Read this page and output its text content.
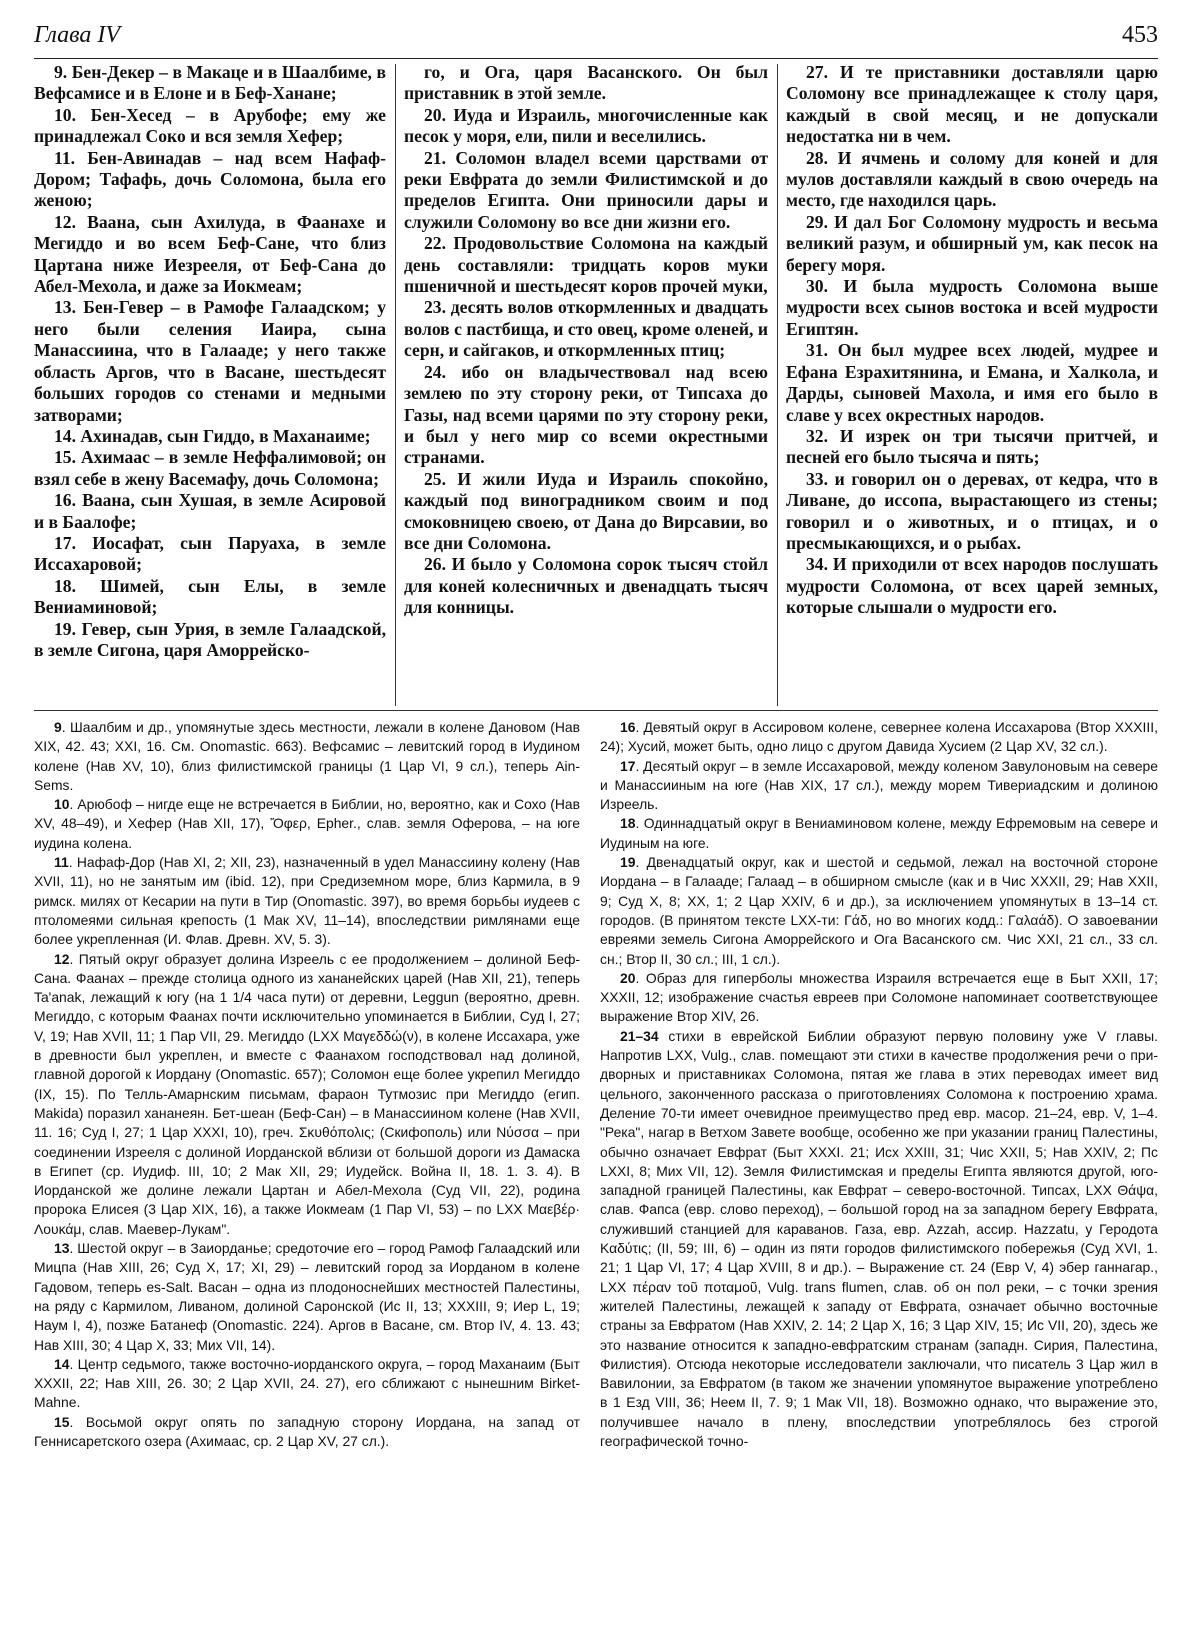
Глава IV	453

9. Бен-Декер – в Макаце и в Шаалбиме, в Вефсамисе и в Елоне и в Беф-Ханане;

10. Бен-Хесед – в Арубофе; ему же принадлежал Соко и вся земля Хефер;

11. Бен-Авинадав – над всем Нафаф-Дором; Тафафь, дочь Соломона, была его женою;

12. Ваана, сын Ахилуда, в Фаанахе и Мегиддо и во всем Беф-Сане, что близ Цартана ниже Иезрееля, от Беф-Сана до Абел-Мехола, и даже за Иокмеам;

13. Бен-Гевер – в Рамофе Галаадском; у него были селения Иаира, сына Манассиина, что в Галааде; у него также область Аргов, что в Васане, шестьдесят больших городов со стенами и медными затворами;

14. Ахинадав, сын Гиддо, в Маханаиме;

15. Ахимаас – в земле Неффалимовой; он взял себе в жену Васемафу, дочь Соломона;

16. Ваана, сын Хушая, в земле Асировой и в Баалофе;

17. Иосафат, сын Паруаха, в земле Иссахаровой;

18. Шимей, сын Елы, в земле Вениаминовой;

19. Гевер, сын Урия, в земле Галаадской, в земле Сигона, царя Аморрейско-

го, и Ога, царя Васанского. Он был приставник в этой земле.

20. Иуда и Израиль, многочисленные как песок у моря, ели, пили и веселились.

21. Соломон владел всеми царствами от реки Евфрата до земли Филистимской и до пределов Египта. Они приносили дары и служили Соломону во все дни жизни его.

22. Продовольствие Соломона на каждый день составляли: тридцать коров муки пшеничной и шестьдесят коров прочей муки,

23. десять волов откормленных и двадцать волов с пастбища, и сто овец, кроме оленей, и серн, и сайгаков, и откормленных птиц;

24. ибо он владычествовал над всею землею по эту сторону реки, от Типсаха до Газы, над всеми царями по эту сторону реки, и был у него мир со всеми окрестными странами.

25. И жили Иуда и Израиль спокойно, каждый под виноградником своим и под смоковницею своею, от Дана до Вирсавии, во все дни Соломона.

26. И было у Соломона сорок тысяч стойл для коней колесничных и двенадцать тысяч для конницы.

27. И те приставники доставляли царю Соломону все принадлежащее к столу царя, каждый в свой месяц, и не допускали недостатка ни в чем.

28. И ячмень и солому для коней и для мулов доставляли каждый в свою очередь на место, где находился царь.

29. И дал Бог Соломону мудрость и весьма великий разум, и обширный ум, как песок на берегу моря.

30. И была мудрость Соломона выше мудрости всех сынов востока и всей мудрости Египтян.

31. Он был мудрее всех людей, мудрее и Ефана Езрахитянина, и Емана, и Халкола, и Дарды, сыновей Махола, и имя его было в славе у всех окрестных народов.

32. И изрек он три тысячи притчей, и песней его было тысяча и пять;

33. и говорил он о деревах, от кедра, что в Ливане, до иссопа, вырастающего из стены; говорил и о животных, и о птицах, и о пресмыкающихся, и о рыбах.

34. И приходили от всех народов послушать мудрости Соломона, от всех царей земных, которые слышали о мудрости его.

9. Шаалбим и др., упомянутые здесь местности, лежали в колене Дановом (Нав XIX, 42. 43; XXI, 16. См. Onomastic. 663). Вефсамис – левитский город в Иудином колене (Нав XV, 10), близ филистимской границы (1 Цар VI, 9 сл.), теперь Ain-Sems.

10. Арюбоф – нигде еще не встречается в Библии, но, вероятно, как и Сохо (Нав XV, 48–49), и Хефер (Нав XII, 17), Ὄφερ, Epher., слав. земля Оферова, – на юге иудина колена.

11. Нафаф-Дор (Нав XI, 2; XII, 23), назначенный в удел Манассиину колену (Нав XVII, 11), но не занятым им (ibid. 12), при Средиземном море, близ Кармила, в 9 римск. милях от Кесарии на пути в Тир (Onomastic. 397), во время борьбы иудеев с птоломеями сильная крепость (1 Мак XV, 11–14), впоследствии римлянами еще более укрепленная (И. Флав. Древн. XV, 5. 3).

12. Пятый округ образует долина Изреель с ее продолжением – долиной Беф-Сана. Фаанах – прежде столица одного из хананейских царей (Нав XII, 21), теперь Ta'anak, лежащий к югу (на 1 1/4 часа пути) от деревни, Leggun (вероятно, древн. Мегиддо, с которым Фаанах почти исключительно упоминается в Библии, Суд I, 27; V, 19; Нав XVII, 11; 1 Пар VII, 29. Мегиддо (LXX Μαγεδδώ(ν), в колене Иссахара, уже в древности был укреплен, и вместе с Фаанахом господствовал над долиной, главной дорогой к Иордану (Onomastic. 657); Соломон еще более укрепил Мегиддо (IX, 15). По Телль-Амарнским письмам, фараон Тутмозис при Мегиддо (егип. Makida) поразил хананеян. Бет-шеан (Беф-Сан) – в Манассиином колене (Нав XVII, 11. 16; Суд I, 27; 1 Цар XXXI, 10), греч. Σκυθόπολις; (Скифополь) или Νύσσα – при соединении Изрееля с долиной Иорданской вблизи от большой дороги из Дамаска в Египет (ср. Иудиф. III, 10; 2 Мак XII, 29; Иудейск. Война II, 18. 1. 3. 4). В Иорданской же долине лежали Цартан и Абел-Мехола (Суд VII, 22), родина пророка Елисея (3 Цар XIX, 16), а также Иокмеам (1 Пар VI, 53) – по LXX Μαεβέρ· Λουκάμ, слав. Маевер-Лукам".

13. Шестой округ – в Заиорданье; средоточие его – город Рамоф Галаадский или Мицпа (Нав XIII, 26; Суд X, 17; XI, 29) – левитский город за Иорданом в колене Гадовом, теперь es-Salt. Васан – одна из плодоноснейших местностей Палестины, на ряду с Кармилом, Ливаном, долиной Саронской (Ис II, 13; XXXIII, 9; Иер L, 19; Наум I, 4), позже Батанеф (Onomastic. 224). Аргов в Васане, см. Втор IV, 4. 13. 43; Нав XIII, 30; 4 Цар X, 33; Мих VII, 14).

14. Центр седьмого, также восточно-иорданского округа, – город Маханаим (Быт XXXII, 22; Нав XIII, 26. 30; 2 Цар XVII, 24. 27), его сближают с нынешним Birket-Mahne.

15. Восьмой округ опять по западную сторону Иордана, на запад от Геннисаретского озера (Ахимаас, ср. 2 Цар XV, 27 сл.).

16. Девятый округ в Ассировом колене, севернее колена Иссахарова (Втор XXXIII, 24); Хусий, может быть, одно лицо с другом Давида Хусием (2 Цар XV, 32 сл.).

17. Десятый округ – в земле Иссахаровой, между коленом Завулоновым на севере и Манассииным на юге (Нав XIX, 17 сл.), между морем Тивериадским и долиною Изреель.

18. Одиннадцатый округ в Вениаминовом колене, между Ефремовым на севере и Иудиным на юге.

19. Двенадцатый округ, как и шестой и седьмой, лежал на восточной стороне Иордана – в Галааде; Галаад – в обширном смысле (как и в Чис XXXII, 29; Нав XXII, 9; Суд X, 8; XX, 1; 2 Цар XXIV, 6 и др.), за исключением упомянутых в 13–14 ст. городов. (В принятом тексте LXX-ти: Γάδ, но во многих кодд.: Γαλαάδ). О завоевании евреями земель Сигона Аморрейского и Ога Васанского см. Чис XXI, 21 сл., 33 сл. сн.; Втор II, 30 сл.; III, 1 сл.).

20. Образ для гиперболы множества Израиля встречается еще в Быт XXII, 17; XXXII, 12; изображение счастья евреев при Соломоне напоминает соответствующее выражение Втор XIV, 26.

21–34 стихи в еврейской Библии образуют первую половину уже V главы. Напротив LXX, Vulg., слав. помещают эти стихи в качестве продолжения речи о при-дворных и приставниках Соломона, пятая же глава в этих переводах имеет вид цельного, законченного рассказа о приготовлениях Соломона к построению храма. Деление 70-ти имеет очевидное преимущество пред евр. масор. 21–24, евр. V, 1–4. "Река", нагар в Ветхом Завете вообще, особенно же при указании границ Палестины, обычно означает Евфрат (Быт XXXI. 21; Исх XXIII, 31; Чис XXII, 5; Нав XXIV, 2; Пс LXXI, 8; Мих VII, 12). Земля Филистимская и пределы Египта являются другой, юго-западной границей Палестины, как Евфрат – северо-восточной. Типсах, LXX Θάψα, слав. Фапса (евр. слово переход), – большой город на за западном берегу Евфрата, служивший станцией для караванов. Газа, евр. Azzah, ассир. Hazzatu, у Геродота Καδύτις; (II, 59; III, 6) – один из пяти городов филистимского побережья (Суд XVI, 1. 21; 1 Цар VI, 17; 4 Цар XVIII, 8 и др.). – Выражение ст. 24 (Евр V, 4) эбер ганнагар., LXX πέραν τοῦ ποταμοῦ, Vulg. trans flumen, слав. об он пол реки, – с точки зрения жителей Палестины, лежащей к западу от Евфрата, означает обычно восточные страны за Евфратом (Нав XXIV, 2. 14; 2 Цар X, 16; 3 Цар XIV, 15; Ис VII, 20), здесь же это название относится к западно-евфратским странам (западн. Сирия, Палестина, Филистия). Отсюда некоторые исследователи заключали, что писатель 3 Цар жил в Вавилонии, за Евфратом (в таком же значении упомянутое выражение употреблено в 1 Езд VIII, 36; Неем II, 7. 9; 1 Мак VII, 18). Возможно однако, что выражение это, получившее начало в плену, впоследствии употреблялось без строгой географической точно-
